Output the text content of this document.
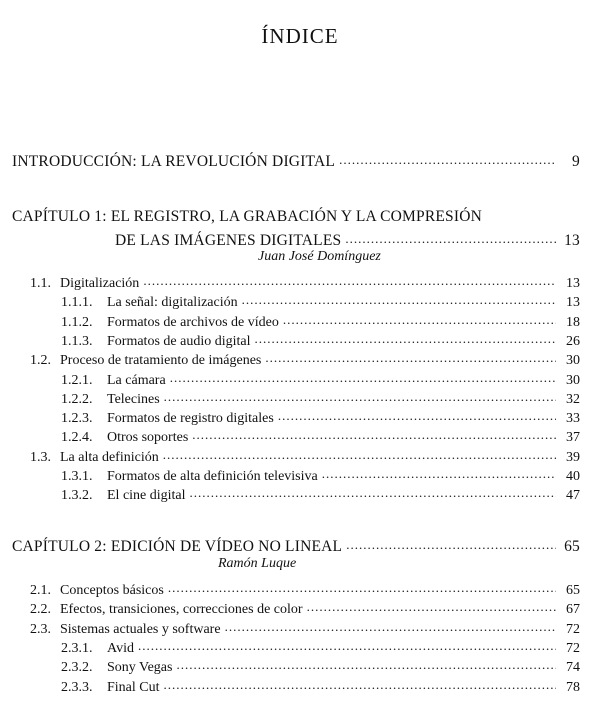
ÍNDICE
INTRODUCCIÓN: LA REVOLUCIÓN DIGITAL .....	9
CAPÍTULO 1: EL REGISTRO, LA GRABACIÓN Y LA COMPRESIÓN
DE LAS IMÁGENES DIGITALES .....	13
Juan José Domínguez
1.1. Digitalización .....	13
1.1.1. La señal: digitalización .....	13
1.1.2. Formatos de archivos de vídeo .....	18
1.1.3. Formatos de audio digital .....	26
1.2. Proceso de tratamiento de imágenes .....	30
1.2.1. La cámara .....	30
1.2.2. Telecines .....	32
1.2.3. Formatos de registro digitales .....	33
1.2.4. Otros soportes .....	37
1.3. La alta definición .....	39
1.3.1. Formatos de alta definición televisiva .....	40
1.3.2. El cine digital .....	47
CAPÍTULO 2: EDICIÓN DE VÍDEO NO LINEAL .....	65
Ramón Luque
2.1. Conceptos básicos .....	65
2.2. Efectos, transiciones, correcciones de color .....	67
2.3. Sistemas actuales y software .....	72
2.3.1. Avid .....	72
2.3.2. Sony Vegas .....	74
2.3.3. Final Cut .....	78
